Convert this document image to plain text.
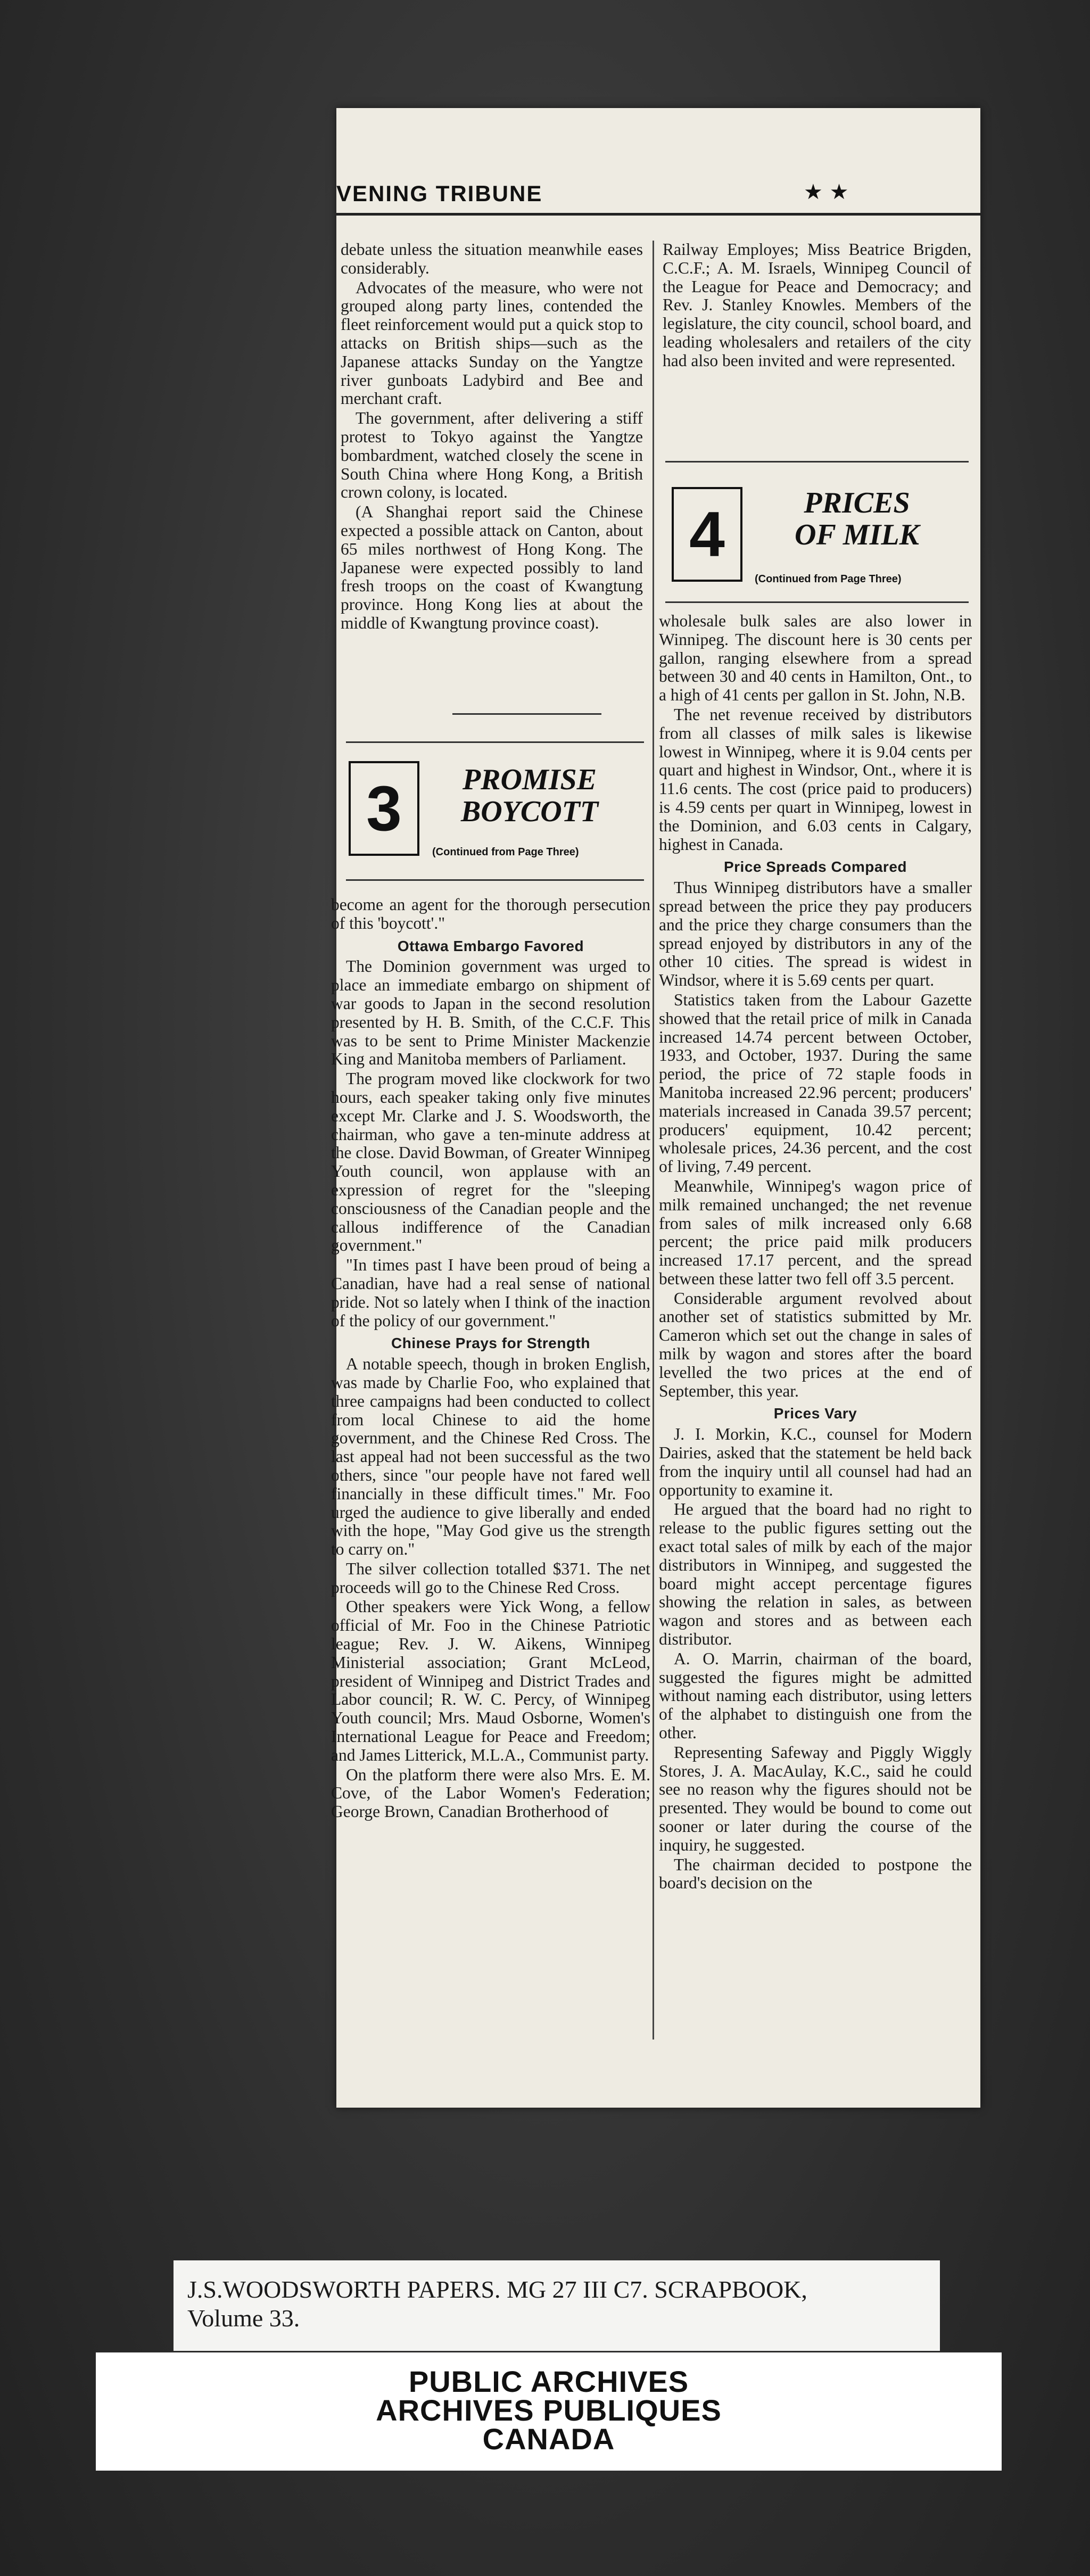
VENING TRIBUNE	★ ★

debate unless the situation meanwhile eases considerably.

Advocates of the measure, who were not grouped along party lines, contended the fleet reinforcement would put a quick stop to attacks on British ships—such as the Japanese attacks Sunday on the Yangtze river gunboats Ladybird and Bee and merchant craft.

The government, after delivering a stiff protest to Tokyo against the Yangtze bombardment, watched closely the scene in South China where Hong Kong, a British crown colony, is located.

(A Shanghai report said the Chinese expected a possible attack on Canton, about 65 miles northwest of Hong Kong. The Japanese were expected possibly to land fresh troops on the coast of Kwangtung province. Hong Kong lies at about the middle of Kwangtung province coast).

3	PROMISE
BOYCOTT
(Continued from Page Three)

become an agent for the thorough persecution of this 'boycott'."

Ottawa Embargo Favored

The Dominion government was urged to place an immediate embargo on shipment of war goods to Japan in the second resolution presented by H. B. Smith, of the C.C.F. This was to be sent to Prime Minister Mackenzie King and Manitoba members of Parliament.

The program moved like clockwork for two hours, each speaker taking only five minutes except Mr. Clarke and J. S. Woodsworth, the chairman, who gave a ten-minute address at the close. David Bowman, of Greater Winnipeg Youth council, won applause with an expression of regret for the "sleeping consciousness of the Canadian people and the callous indifference of the Canadian government."

"In times past I have been proud of being a Canadian, have had a real sense of national pride. Not so lately when I think of the inaction of the policy of our government."

Chinese Prays for Strength

A notable speech, though in broken English, was made by Charlie Foo, who explained that three campaigns had been conducted to collect from local Chinese to aid the home government, and the Chinese Red Cross. The last appeal had not been successful as the two others, since "our people have not fared well financially in these difficult times." Mr. Foo urged the audience to give liberally and ended with the hope, "May God give us the strength to carry on."

The silver collection totalled $371. The net proceeds will go to the Chinese Red Cross.

Other speakers were Yick Wong, a fellow official of Mr. Foo in the Chinese Patriotic league; Rev. J. W. Aikens, Winnipeg Ministerial association; Grant McLeod, president of Winnipeg and District Trades and Labor council; R. W. C. Percy, of Winnipeg Youth council; Mrs. Maud Osborne, Women's International League for Peace and Freedom; and James Litterick, M.L.A., Communist party.

On the platform there were also Mrs. E. M. Cove, of the Labor Women's Federation; George Brown, Canadian Brotherhood of

Railway Employes; Miss Beatrice Brigden, C.C.F.; A. M. Israels, Winnipeg Council of the League for Peace and Democracy; and Rev. J. Stanley Knowles. Members of the legislature, the city council, school board, and leading wholesalers and retailers of the city had also been invited and were represented.

4	PRICES
OF MILK
(Continued from Page Three)

wholesale bulk sales are also lower in Winnipeg. The discount here is 30 cents per gallon, ranging elsewhere from a spread between 30 and 40 cents in Hamilton, Ont., to a high of 41 cents per gallon in St. John, N.B.

The net revenue received by distributors from all classes of milk sales is likewise lowest in Winnipeg, where it is 9.04 cents per quart and highest in Windsor, Ont., where it is 11.6 cents. The cost (price paid to producers) is 4.59 cents per quart in Winnipeg, lowest in the Dominion, and 6.03 cents in Calgary, highest in Canada.

Price Spreads Compared

Thus Winnipeg distributors have a smaller spread between the price they pay producers and the price they charge consumers than the spread enjoyed by distributors in any of the other 10 cities. The spread is widest in Windsor, where it is 5.69 cents per quart.

Statistics taken from the Labour Gazette showed that the retail price of milk in Canada increased 14.74 percent between October, 1933, and October, 1937. During the same period, the price of 72 staple foods in Manitoba increased 22.96 percent; producers' materials increased in Canada 39.57 percent; producers' equipment, 10.42 percent; wholesale prices, 24.36 percent, and the cost of living, 7.49 percent.

Meanwhile, Winnipeg's wagon price of milk remained unchanged; the net revenue from sales of milk increased only 6.68 percent; the price paid milk producers increased 17.17 percent, and the spread between these latter two fell off 3.5 percent.

Considerable argument revolved about another set of statistics submitted by Mr. Cameron which set out the change in sales of milk by wagon and stores after the board levelled the two prices at the end of September, this year.

Prices Vary

J. I. Morkin, K.C., counsel for Modern Dairies, asked that the statement be held back from the inquiry until all counsel had had an opportunity to examine it.

He argued that the board had no right to release to the public figures setting out the exact total sales of milk by each of the major distributors in Winnipeg, and suggested the board might accept percentage figures showing the relation in sales, as between wagon and stores and as between each distributor.

A. O. Marrin, chairman of the board, suggested the figures might be admitted without naming each distributor, using letters of the alphabet to distinguish one from the other.

Representing Safeway and Piggly Wiggly Stores, J. A. MacAulay, K.C., said he could see no reason why the figures should not be presented. They would be bound to come out sooner or later during the course of the inquiry, he suggested.

The chairman decided to postpone the board's decision on the

J.S.WOODSWORTH PAPERS. MG 27 III C7. SCRAPBOOK,
Volume 33.
PUBLIC ARCHIVES
ARCHIVES PUBLIQUES
CANADA
